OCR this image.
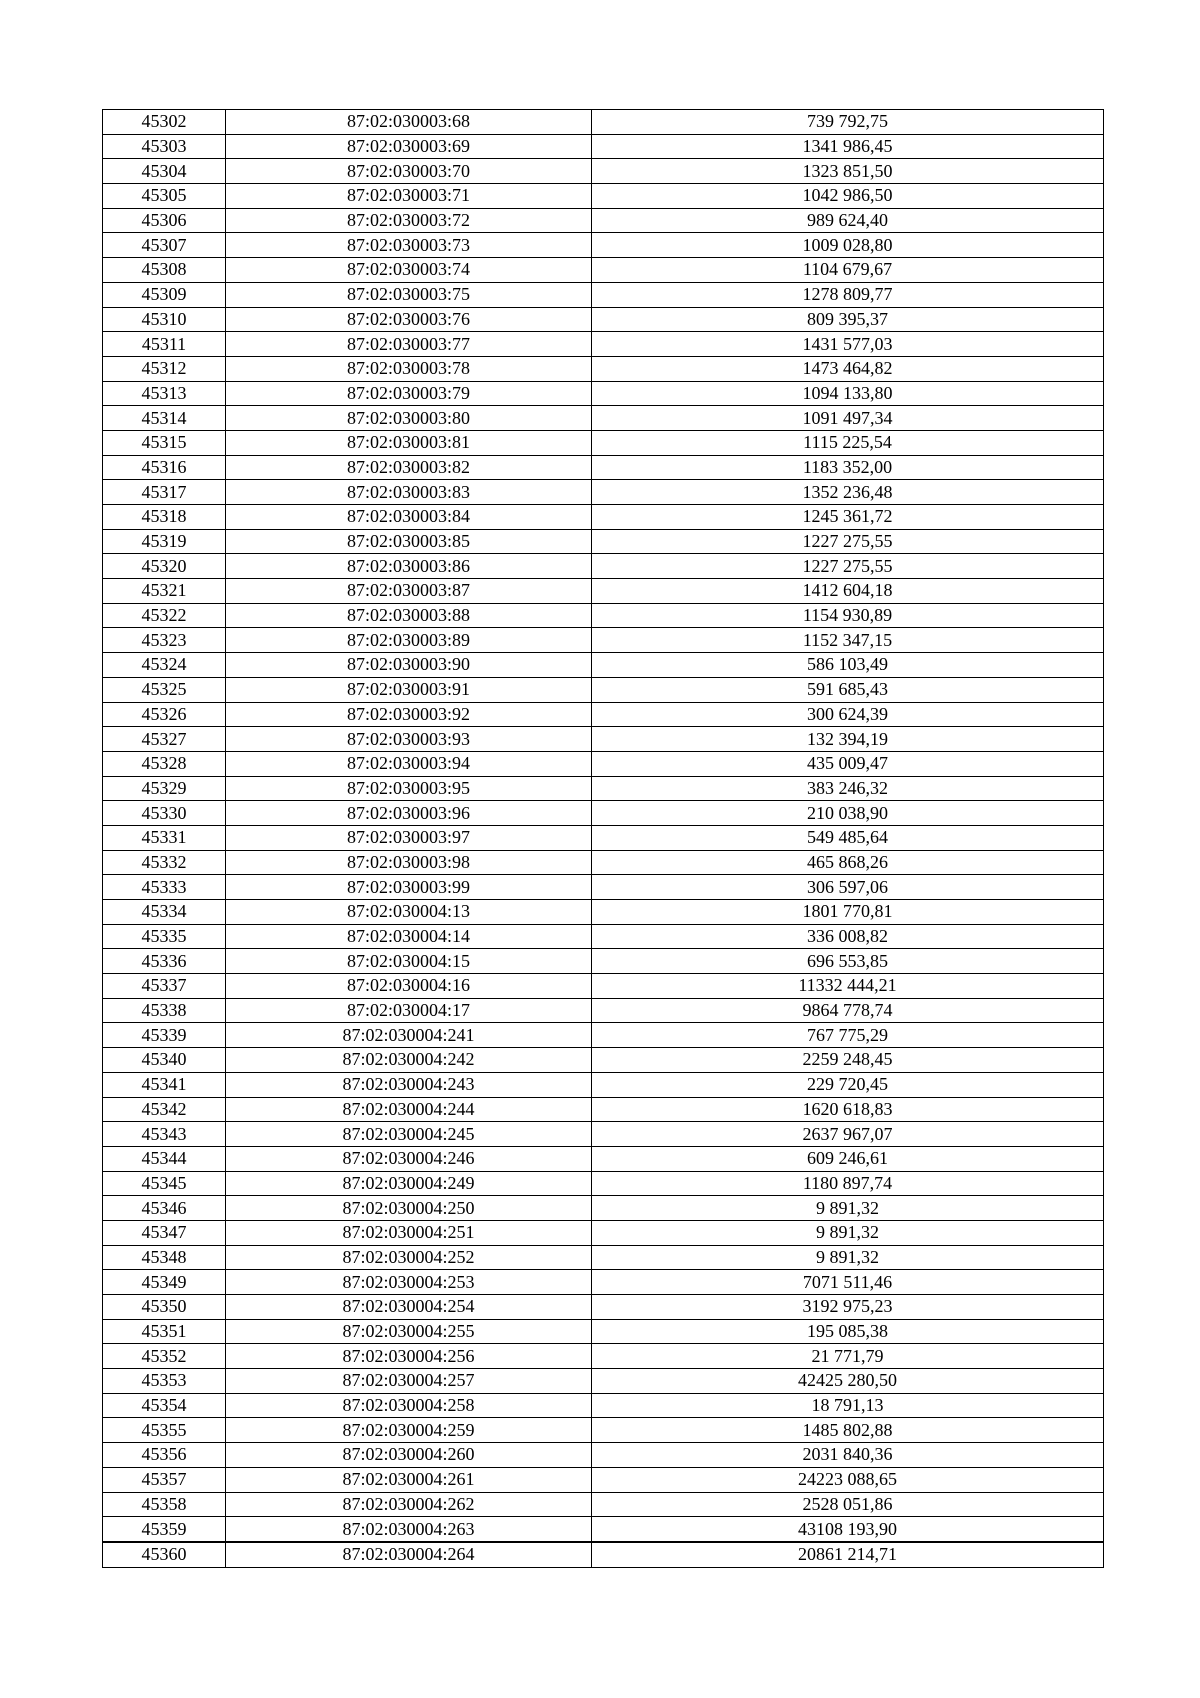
45302	87:02:030003:68	739 792,75
45303	87:02:030003:69	1341 986,45
45304	87:02:030003:70	1323 851,50
45305	87:02:030003:71	1042 986,50
45306	87:02:030003:72	989 624,40
45307	87:02:030003:73	1009 028,80
45308	87:02:030003:74	1104 679,67
45309	87:02:030003:75	1278 809,77
45310	87:02:030003:76	809 395,37
45311	87:02:030003:77	1431 577,03
45312	87:02:030003:78	1473 464,82
45313	87:02:030003:79	1094 133,80
45314	87:02:030003:80	1091 497,34
45315	87:02:030003:81	1115 225,54
45316	87:02:030003:82	1183 352,00
45317	87:02:030003:83	1352 236,48
45318	87:02:030003:84	1245 361,72
45319	87:02:030003:85	1227 275,55
45320	87:02:030003:86	1227 275,55
45321	87:02:030003:87	1412 604,18
45322	87:02:030003:88	1154 930,89
45323	87:02:030003:89	1152 347,15
45324	87:02:030003:90	586 103,49
45325	87:02:030003:91	591 685,43
45326	87:02:030003:92	300 624,39
45327	87:02:030003:93	132 394,19
45328	87:02:030003:94	435 009,47
45329	87:02:030003:95	383 246,32
45330	87:02:030003:96	210 038,90
45331	87:02:030003:97	549 485,64
45332	87:02:030003:98	465 868,26
45333	87:02:030003:99	306 597,06
45334	87:02:030004:13	1801 770,81
45335	87:02:030004:14	336 008,82
45336	87:02:030004:15	696 553,85
45337	87:02:030004:16	11332 444,21
45338	87:02:030004:17	9864 778,74
45339	87:02:030004:241	767 775,29
45340	87:02:030004:242	2259 248,45
45341	87:02:030004:243	229 720,45
45342	87:02:030004:244	1620 618,83
45343	87:02:030004:245	2637 967,07
45344	87:02:030004:246	609 246,61
45345	87:02:030004:249	1180 897,74
45346	87:02:030004:250	9 891,32
45347	87:02:030004:251	9 891,32
45348	87:02:030004:252	9 891,32
45349	87:02:030004:253	7071 511,46
45350	87:02:030004:254	3192 975,23
45351	87:02:030004:255	195 085,38
45352	87:02:030004:256	21 771,79
45353	87:02:030004:257	42425 280,50
45354	87:02:030004:258	18 791,13
45355	87:02:030004:259	1485 802,88
45356	87:02:030004:260	2031 840,36
45357	87:02:030004:261	24223 088,65
45358	87:02:030004:262	2528 051,86
45359	87:02:030004:263	43108 193,90
45360	87:02:030004:264	20861 214,71
